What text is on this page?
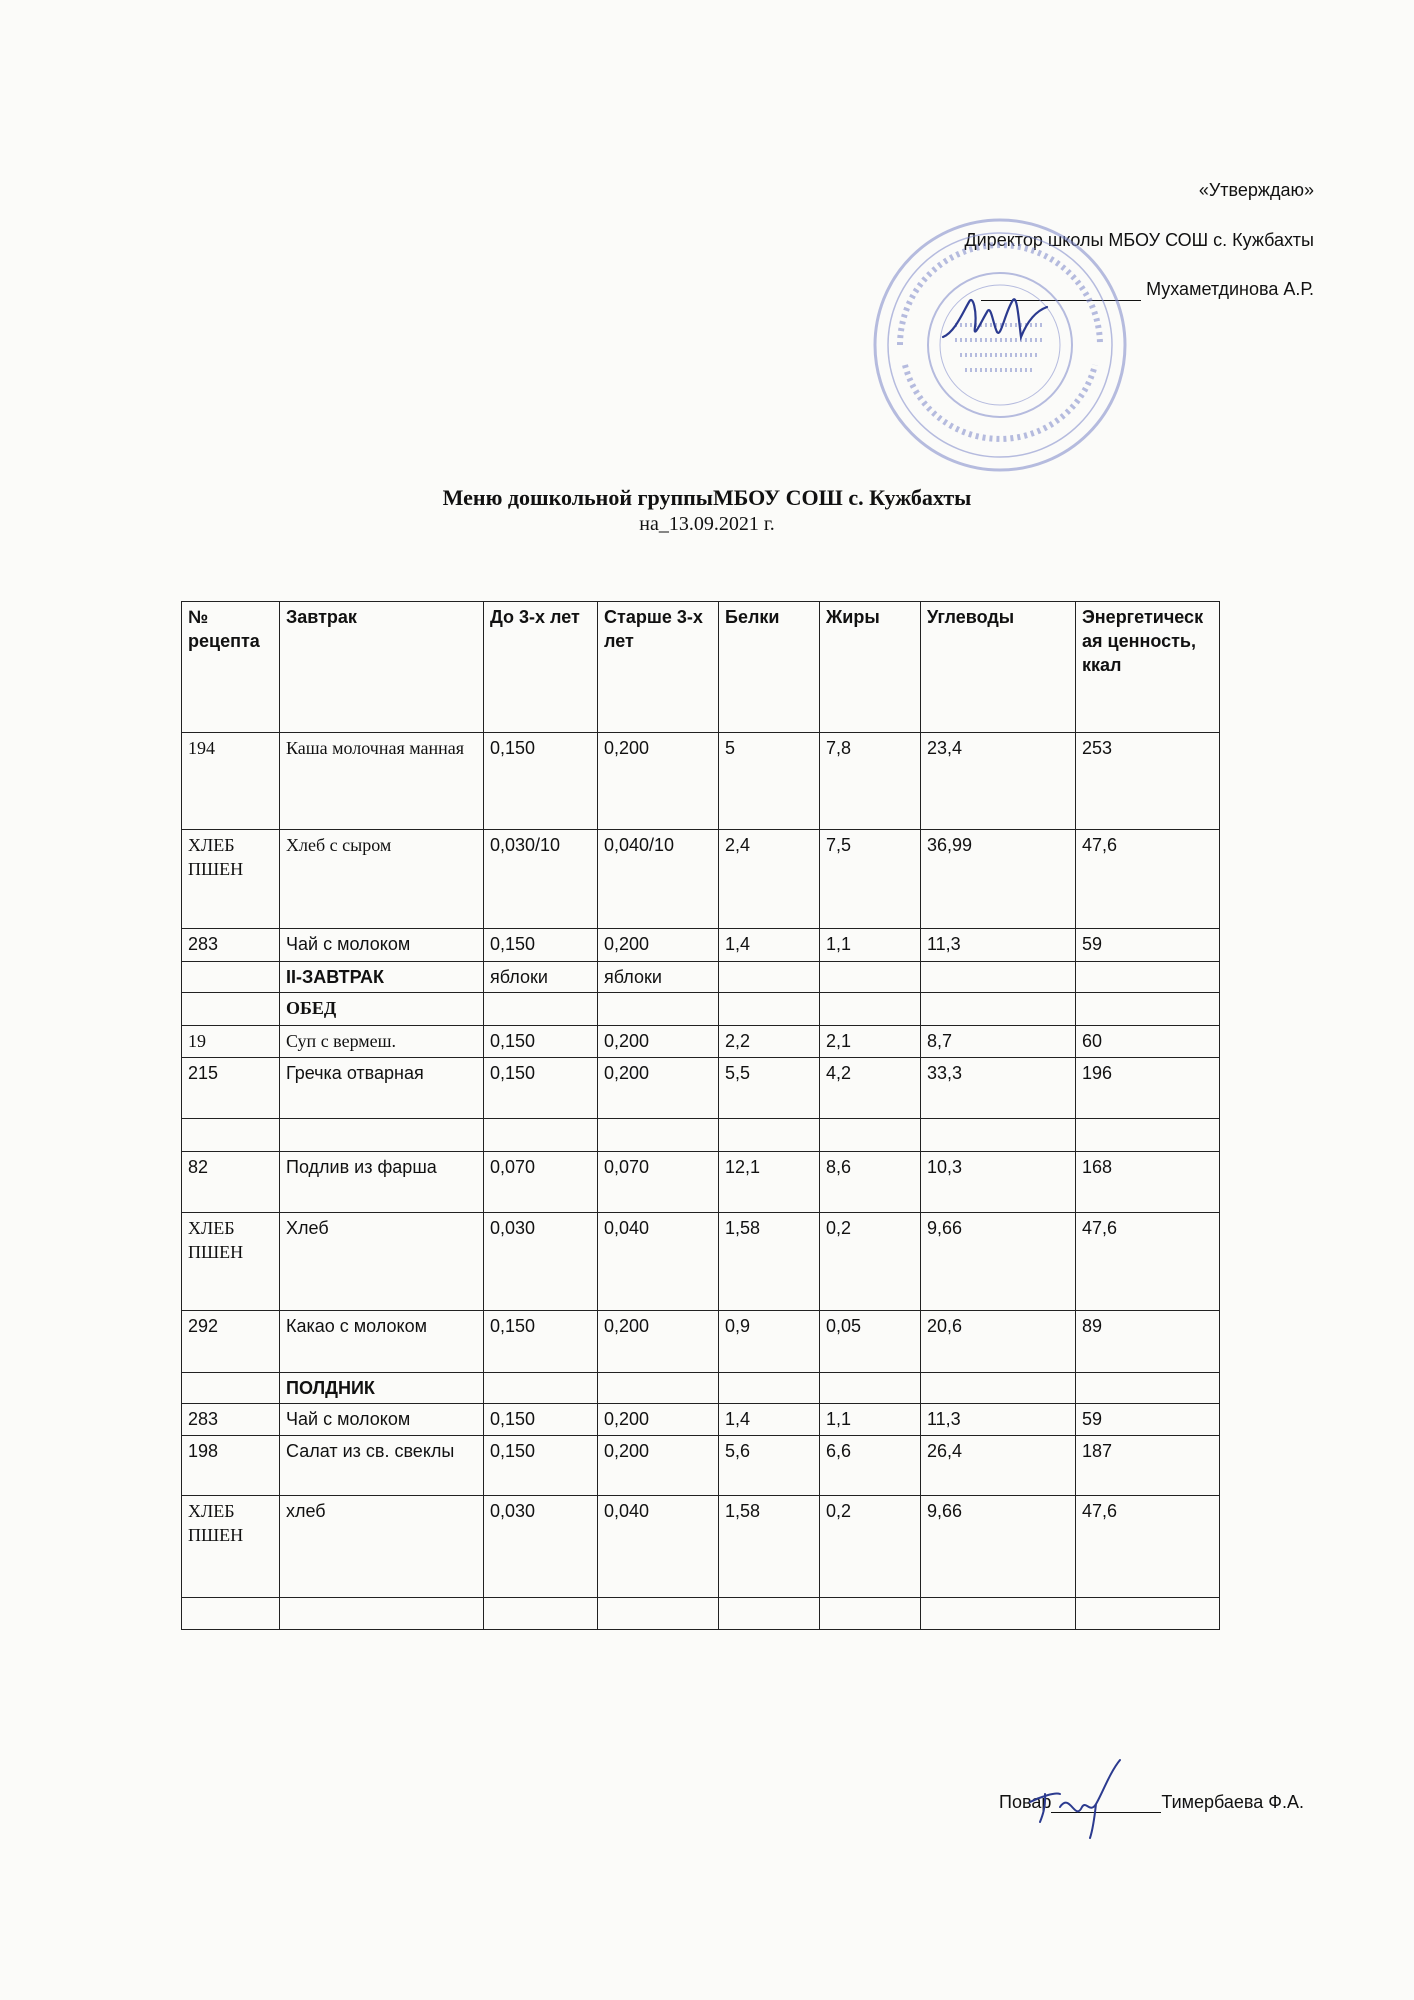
«Утверждаю»
Директор школы МБОУ СОШ с. Кужбахты
Мухаметдинова А.Р.
Меню дошкольной группыМБОУ СОШ с. Кужбахты
на_13.09.2021 г.
№ рецепта	Завтрак	До 3-х лет	Старше 3-х лет	Белки	Жиры	Углеводы	Энергетическая ценность, ккал
194	Каша молочная манная	0,150	0,200	5	7,8	23,4	253
ХЛЕБ ПШЕН	Хлеб с сыром	0,030/10	0,040/10	2,4	7,5	36,99	47,6
283	Чай с молоком	0,150	0,200	1,4	1,1	11,3	59
	II-ЗАВТРАК	яблоки	яблоки				
	ОБЕД						
19	Суп с вермеш.	0,150	0,200	2,2	2,1	8,7	60
215	Гречка отварная	0,150	0,200	5,5	4,2	33,3	196

82	Подлив из фарша	0,070	0,070	12,1	8,6	10,3	168
ХЛЕБ ПШЕН	Хлеб	0,030	0,040	1,58	0,2	9,66	47,6
292	Какао с молоком	0,150	0,200	0,9	0,05	20,6	89
	ПОЛДНИК						
283	Чай с молоком	0,150	0,200	1,4	1,1	11,3	59
198	Салат из св. свеклы	0,150	0,200	5,6	6,6	26,4	187
ХЛЕБ ПШЕН	хлеб	0,030	0,040	1,58	0,2	9,66	47,6

Повар	Тимербаева Ф.А.
